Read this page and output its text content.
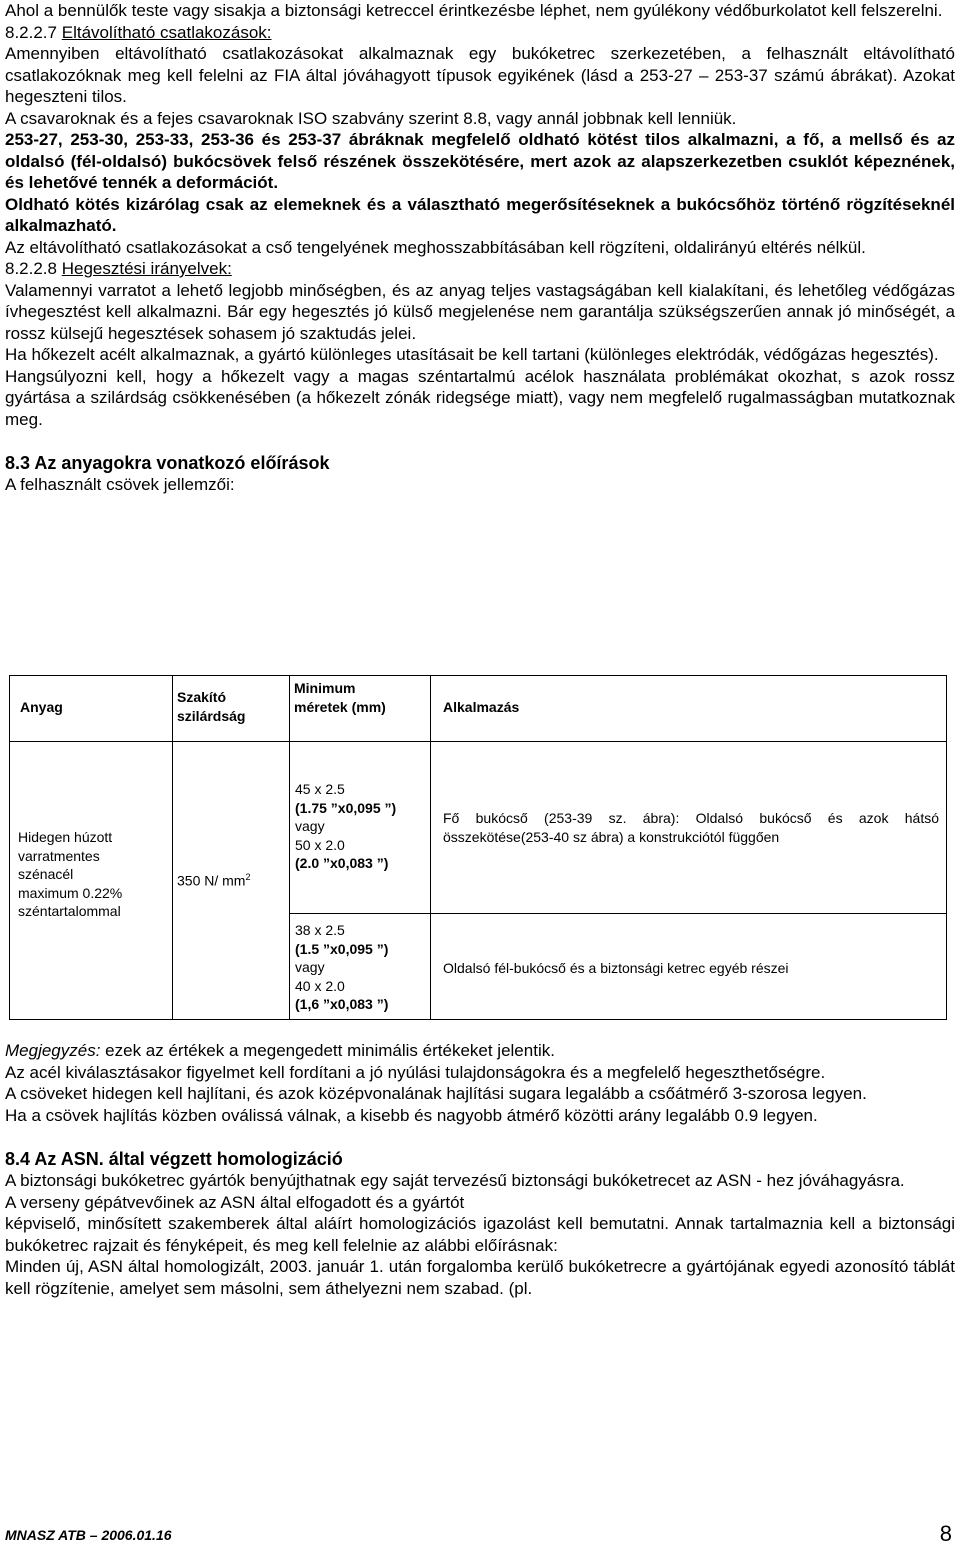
Ahol a bennülők teste vagy sisakja a biztonsági ketreccel érintkezésbe léphet, nem gyúlékony védőburkolatot kell felszerelni.

8.2.2.7 Eltávolítható csatlakozások:

Amennyiben eltávolítható csatlakozásokat alkalmaznak egy bukóketrec szerkezetében, a felhasznált eltávolítható csatlakozóknak meg kell felelni az FIA által jóváhagyott típusok egyikének (lásd a 253-27 – 253-37 számú ábrákat). Azokat hegeszteni tilos.

A csavaroknak és a fejes csavaroknak ISO szabvány szerint 8.8, vagy annál jobbnak kell lenniük.

253-27, 253-30, 253-33, 253-36 és 253-37 ábráknak megfelelő oldható kötést tilos alkalmazni, a fő, a mellső és az oldalsó (fél-oldalsó) bukócsövek felső részének összekötésére, mert azok az alapszerkezetben csuklót képeznének, és lehetővé tennék a deformációt.

Oldható kötés kizárólag csak az elemeknek és a választható megerősítéseknek a bukócsőhöz történő rögzítéseknél alkalmazható.

Az eltávolítható csatlakozásokat a cső tengelyének meghosszabbításában kell rögzíteni, oldalirányú eltérés nélkül.

8.2.2.8 Hegesztési irányelvek:

Valamennyi varratot a lehető legjobb minőségben, és az anyag teljes vastagságában kell kialakítani, és lehetőleg védőgázas ívhegesztést kell alkalmazni. Bár egy hegesztés jó külső megjelenése nem garantálja szükségszerűen annak jó minőségét, a rossz külsejű hegesztések sohasem jó szaktudás jelei.

Ha hőkezelt acélt alkalmaznak, a gyártó különleges utasításait be kell tartani (különleges elektródák, védőgázas hegesztés).

Hangsúlyozni kell, hogy a hőkezelt vagy a magas széntartalmú acélok használata problémákat okozhat, s azok rossz gyártása a szilárdság csökkenésében (a hőkezelt zónák ridegsége miatt), vagy nem megfelelő rugalmasságban mutatkoznak meg.

8.3 Az anyagokra vonatkozó előírások

A felhasznált csövek jellemzői:

Anyag
Szakító szilárdság
Minimum méretek (mm)	Alkalmazás
Hidegen húzott
varratmentes
szénacél
maximum 0.22%
széntartalommal
350 N/ $mm^2$
45 x 2.5
(1.75 ”x0,095 ”)
vagy
50 x 2.0
(2.0 ”x0,083 ”)
38 x 2.5
(1.5 ”x0,095 ”)
vagy
40 x 2.0
(1,6 ”x0,083 ”)
Fő bukócső (253-39 sz. ábra): Oldalsó bukócső és azok hátsó összekötése(253-40 sz ábra) a konstrukciótól függően
Oldalsó fél-bukócső és a biztonsági ketrec egyéb részei

Megjegyzés: ezek az értékek a megengedett minimális értékeket jelentik.

Az acél kiválasztásakor figyelmet kell fordítani a jó nyúlási tulajdonságokra és a megfelelő hegeszthetőségre.

A csöveket hidegen kell hajlítani, és azok középvonalának hajlítási sugara legalább a csőátmérő 3-szorosa legyen.

Ha a csövek hajlítás közben oválissá válnak, a kisebb és nagyobb átmérő közötti arány legalább 0.9 legyen.

8.4 Az ASN. által végzett homologizáció

A biztonsági bukóketrec gyártók benyújthatnak egy saját tervezésű biztonsági bukóketrecet az ASN - hez jóváhagyásra.

A verseny gépátvevőinek az ASN által elfogadott és a gyártót

képviselő, minősített szakemberek által aláírt homologizációs igazolást kell bemutatni. Annak tartalmaznia kell a biztonsági bukóketrec rajzait és fényképeit, és meg kell felelnie az alábbi előírásnak:

Minden új, ASN által homologizált, 2003. január 1. után forgalomba kerülő bukóketrecre a gyártójának egyedi azonosító táblát kell rögzítenie, amelyet sem másolni, sem áthelyezni nem szabad. (pl.

MNASZ ATB – 2006.01.16	8
